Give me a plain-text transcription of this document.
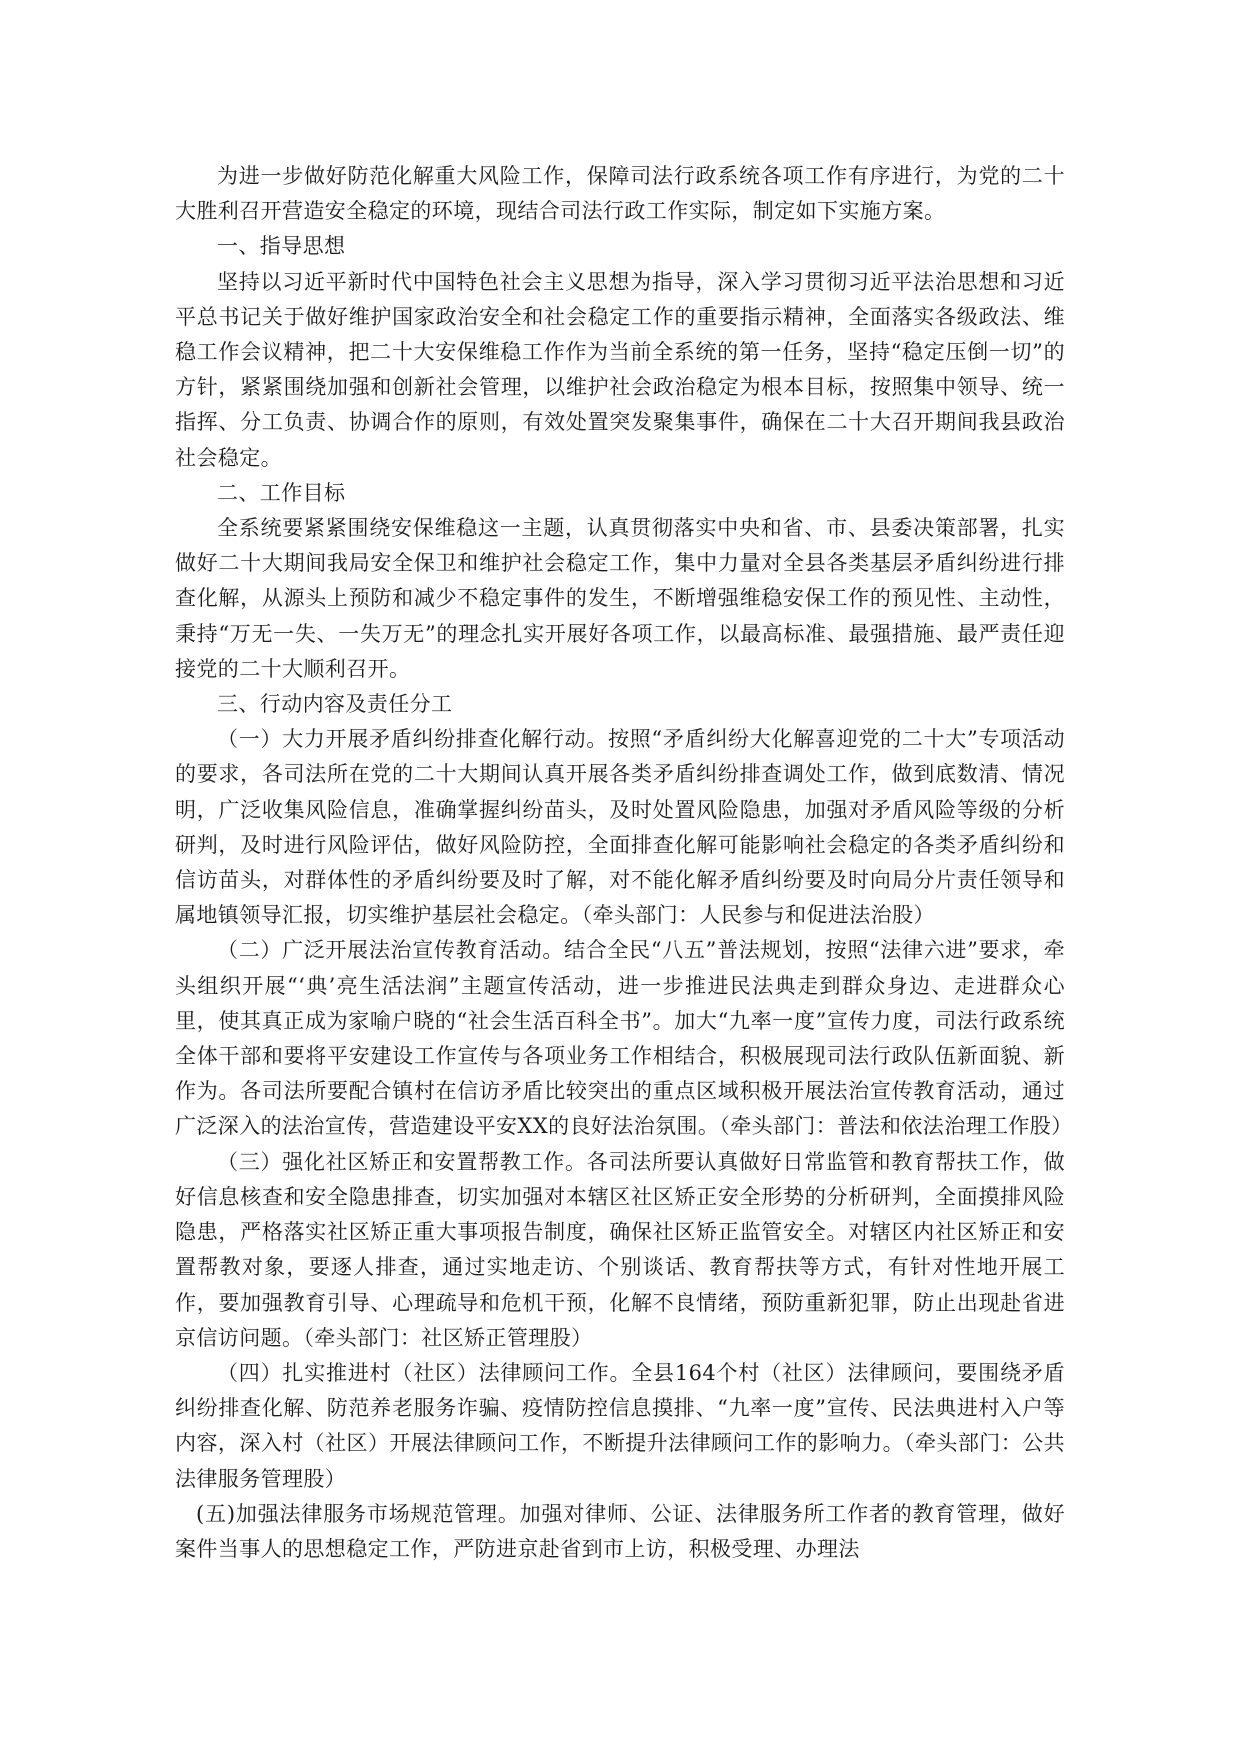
为进一步做好防范化解重大风险工作，保障司法行政系统各项工作有序进行，为党的二十大胜利召开营造安全稳定的环境，现结合司法行政工作实际，制定如下实施方案。

一、指导思想

坚持以习近平新时代中国特色社会主义思想为指导，深入学习贯彻习近平法治思想和习近平总书记关于做好维护国家政治安全和社会稳定工作的重要指示精神，全面落实各级政法、维稳工作会议精神，把二十大安保维稳工作作为当前全系统的第一任务，坚持“稳定压倒一切”的方针，紧紧围绕加强和创新社会管理，以维护社会政治稳定为根本目标，按照集中领导、统一指挥、分工负责、协调合作的原则，有效处置突发聚集事件，确保在二十大召开期间我县政治社会稳定。

二、工作目标

全系统要紧紧围绕安保维稳这一主题，认真贯彻落实中央和省、市、县委决策部署，扎实做好二十大期间我局安全保卫和维护社会稳定工作，集中力量对全县各类基层矛盾纠纷进行排查化解，从源头上预防和减少不稳定事件的发生，不断增强维稳安保工作的预见性、主动性，秉持“万无一失、一失万无”的理念扎实开展好各项工作，以最高标准、最强措施、最严责任迎接党的二十大顺利召开。

三、行动内容及责任分工

（一）大力开展矛盾纠纷排查化解行动。按照“矛盾纠纷大化解喜迎党的二十大”专项活动的要求，各司法所在党的二十大期间认真开展各类矛盾纠纷排查调处工作，做到底数清、情况明，广泛收集风险信息，准确掌握纠纷苗头，及时处置风险隐患，加强对矛盾风险等级的分析研判，及时进行风险评估，做好风险防控，全面排查化解可能影响社会稳定的各类矛盾纠纷和信访苗头，对群体性的矛盾纠纷要及时了解，对不能化解矛盾纠纷要及时向局分片责任领导和属地镇领导汇报，切实维护基层社会稳定。（牵头部门：人民参与和促进法治股）

（二）广泛开展法治宣传教育活动。结合全民“八五”普法规划，按照“法律六进”要求，牵头组织开展“‘典’亮生活法润”主题宣传活动，进一步推进民法典走到群众身边、走进群众心里，使其真正成为家喻户晓的“社会生活百科全书”。加大“九率一度”宣传力度，司法行政系统全体干部和要将平安建设工作宣传与各项业务工作相结合，积极展现司法行政队伍新面貌、新作为。各司法所要配合镇村在信访矛盾比较突出的重点区域积极开展法治宣传教育活动，通过广泛深入的法治宣传，营造建设平安XX的良好法治氛围。（牵头部门：普法和依法治理工作股）

（三）强化社区矫正和安置帮教工作。各司法所要认真做好日常监管和教育帮扶工作，做好信息核查和安全隐患排查，切实加强对本辖区社区矫正安全形势的分析研判，全面摸排风险隐患，严格落实社区矫正重大事项报告制度，确保社区矫正监管安全。对辖区内社区矫正和安置帮教对象，要逐人排查，通过实地走访、个别谈话、教育帮扶等方式，有针对性地开展工作，要加强教育引导、心理疏导和危机干预，化解不良情绪，预防重新犯罪，防止出现赴省进京信访问题。（牵头部门：社区矫正管理股）

（四）扎实推进村（社区）法律顾问工作。全县164个村（社区）法律顾问，要围绕矛盾纠纷排查化解、防范养老服务诈骗、疫情防控信息摸排、“九率一度”宣传、民法典进村入户等内容，深入村（社区）开展法律顾问工作，不断提升法律顾问工作的影响力。（牵头部门：公共法律服务管理股）

(五)加强法律服务市场规范管理。加强对律师、公证、法律服务所工作者的教育管理，做好案件当事人的思想稳定工作，严防进京赴省到市上访，积极受理、办理法
